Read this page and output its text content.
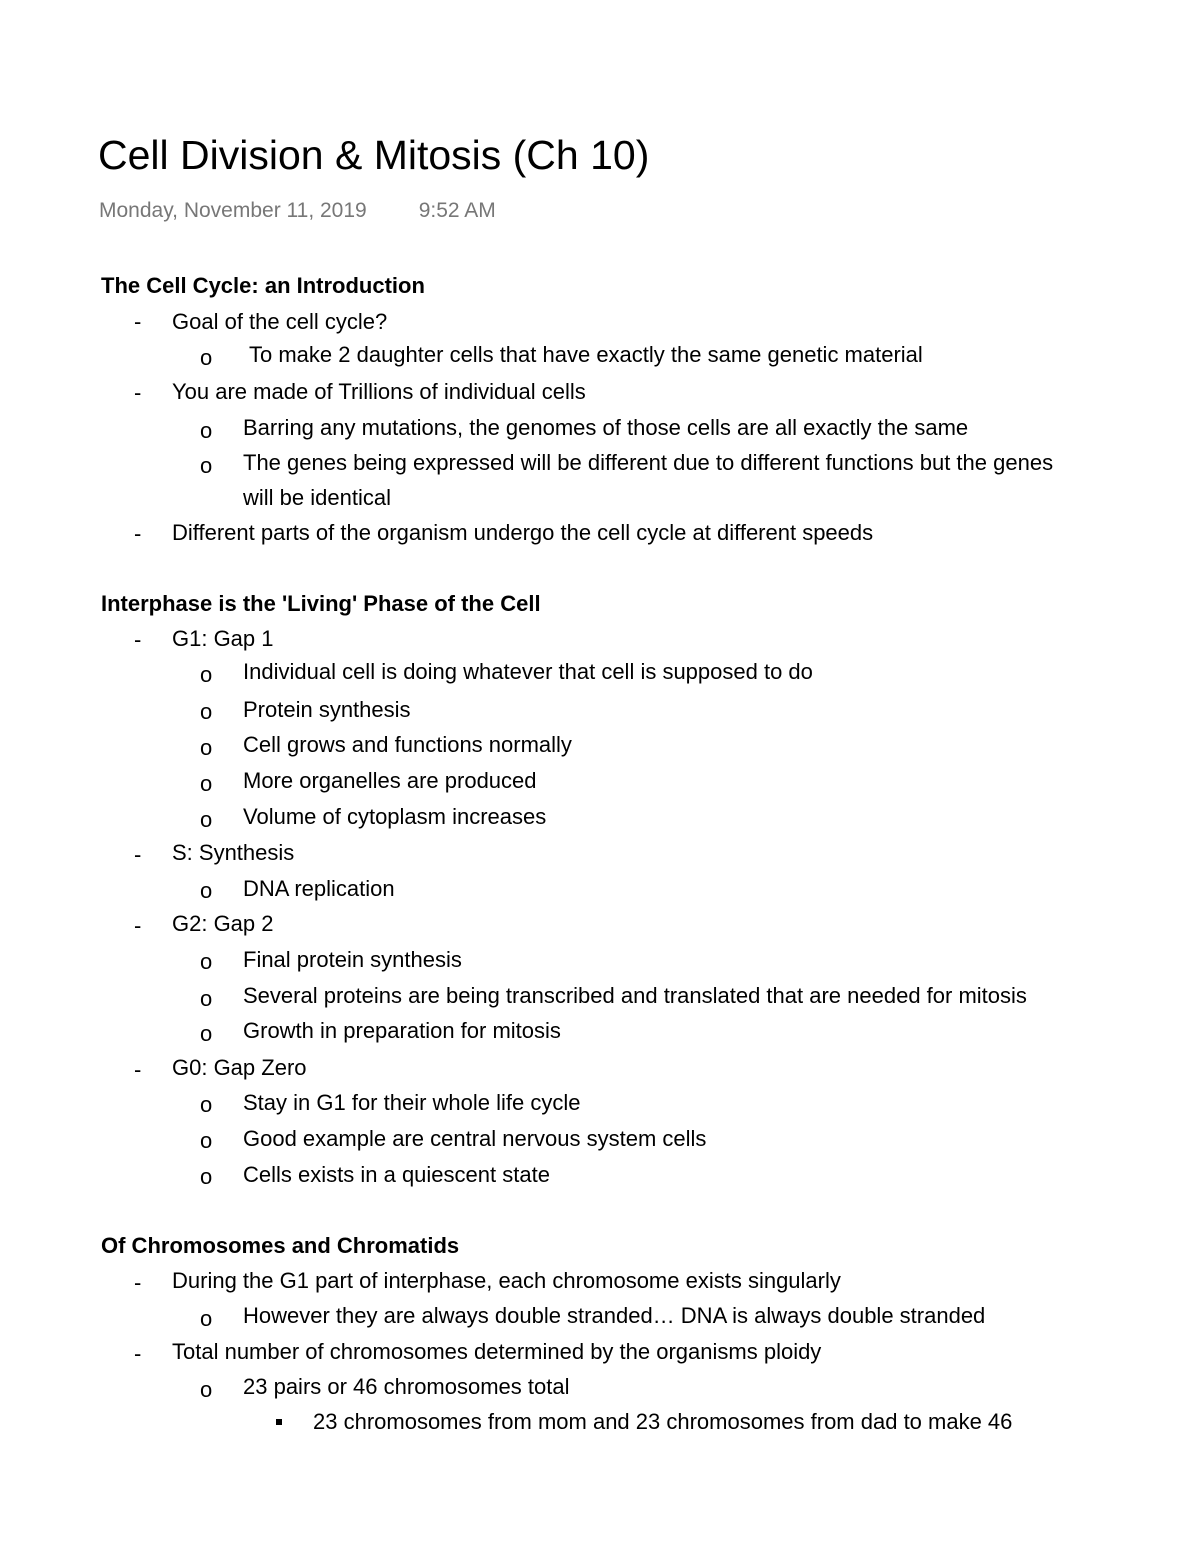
Cell Division & Mitosis (Ch 10)
Monday, November 11, 2019 9:52 AM
The Cell Cycle: an Introduction
- Goal of the cell cycle?
o To make 2 daughter cells that have exactly the same genetic material
- You are made of Trillions of individual cells
o Barring any mutations, the genomes of those cells are all exactly the same
o The genes being expressed will be different due to different functions but the genes
will be identical
- Different parts of the organism undergo the cell cycle at different speeds
Interphase is the 'Living' Phase of the Cell
- G1: Gap 1
o Individual cell is doing whatever that cell is supposed to do
o Protein synthesis
o Cell grows and functions normally
o More organelles are produced
o Volume of cytoplasm increases
- S: Synthesis
o DNA replication
- G2: Gap 2
o Final protein synthesis
o Several proteins are being transcribed and translated that are needed for mitosis
o Growth in preparation for mitosis
- G0: Gap Zero
o Stay in G1 for their whole life cycle
o Good example are central nervous system cells
o Cells exists in a quiescent state
Of Chromosomes and Chromatids
- During the G1 part of interphase, each chromosome exists singularly
o However they are always double stranded… DNA is always double stranded
- Total number of chromosomes determined by the organisms ploidy
o 23 pairs or 46 chromosomes total
23 chromosomes from mom and 23 chromosomes from dad to make 46
